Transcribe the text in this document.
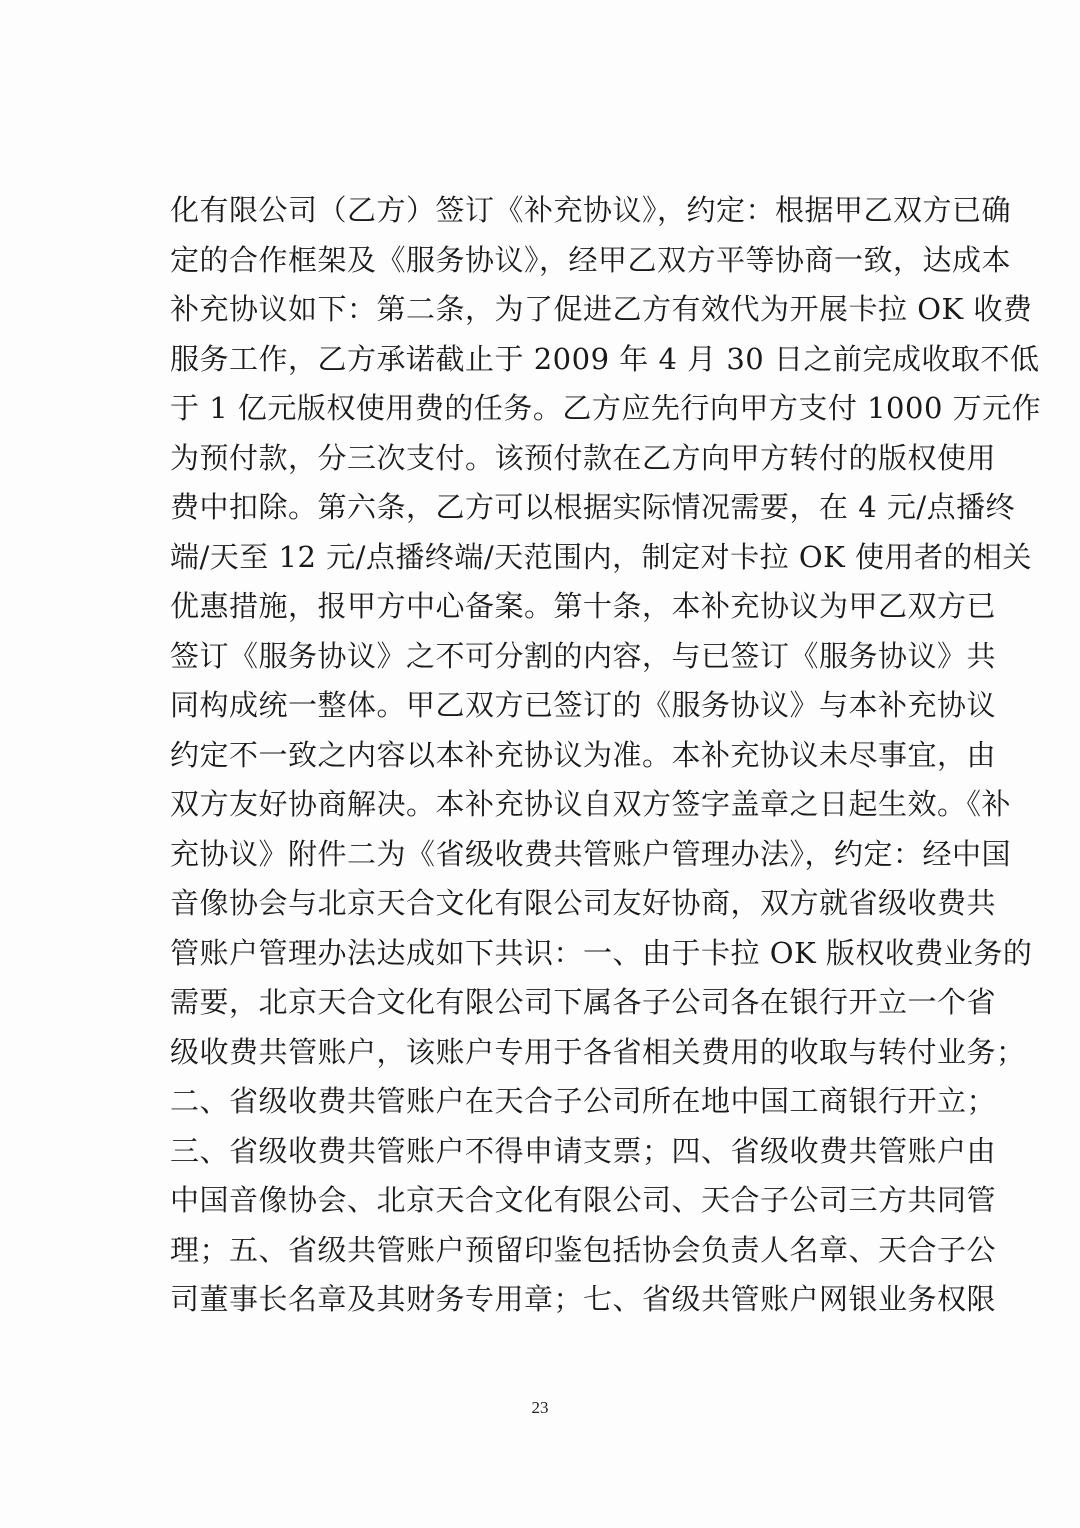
化有限公司（乙方）签订《补充协议》，约定：根据甲乙双方已确
定的合作框架及《服务协议》，经甲乙双方平等协商一致，达成本
补充协议如下：第二条，为了促进乙方有效代为开展卡拉 OK 收费
服务工作，乙方承诺截止于 2009 年 4 月 30 日之前完成收取不低
于 1 亿元版权使用费的任务。乙方应先行向甲方支付 1000 万元作
为预付款，分三次支付。该预付款在乙方向甲方转付的版权使用
费中扣除。第六条，乙方可以根据实际情况需要，在 4 元/点播终
端/天至 12 元/点播终端/天范围内，制定对卡拉 OK 使用者的相关
优惠措施，报甲方中心备案。第十条，本补充协议为甲乙双方已
签订《服务协议》之不可分割的内容，与已签订《服务协议》共
同构成统一整体。甲乙双方已签订的《服务协议》与本补充协议
约定不一致之内容以本补充协议为准。本补充协议未尽事宜，由
双方友好协商解决。本补充协议自双方签字盖章之日起生效。《补
充协议》附件二为《省级收费共管账户管理办法》，约定：经中国
音像协会与北京天合文化有限公司友好协商，双方就省级收费共
管账户管理办法达成如下共识：一、由于卡拉 OK 版权收费业务的
需要，北京天合文化有限公司下属各子公司各在银行开立一个省
级收费共管账户，该账户专用于各省相关费用的收取与转付业务；
二、省级收费共管账户在天合子公司所在地中国工商银行开立；
三、省级收费共管账户不得申请支票；四、省级收费共管账户由
中国音像协会、北京天合文化有限公司、天合子公司三方共同管
理；五、省级共管账户预留印鉴包括协会负责人名章、天合子公
司董事长名章及其财务专用章；七、省级共管账户网银业务权限
23
